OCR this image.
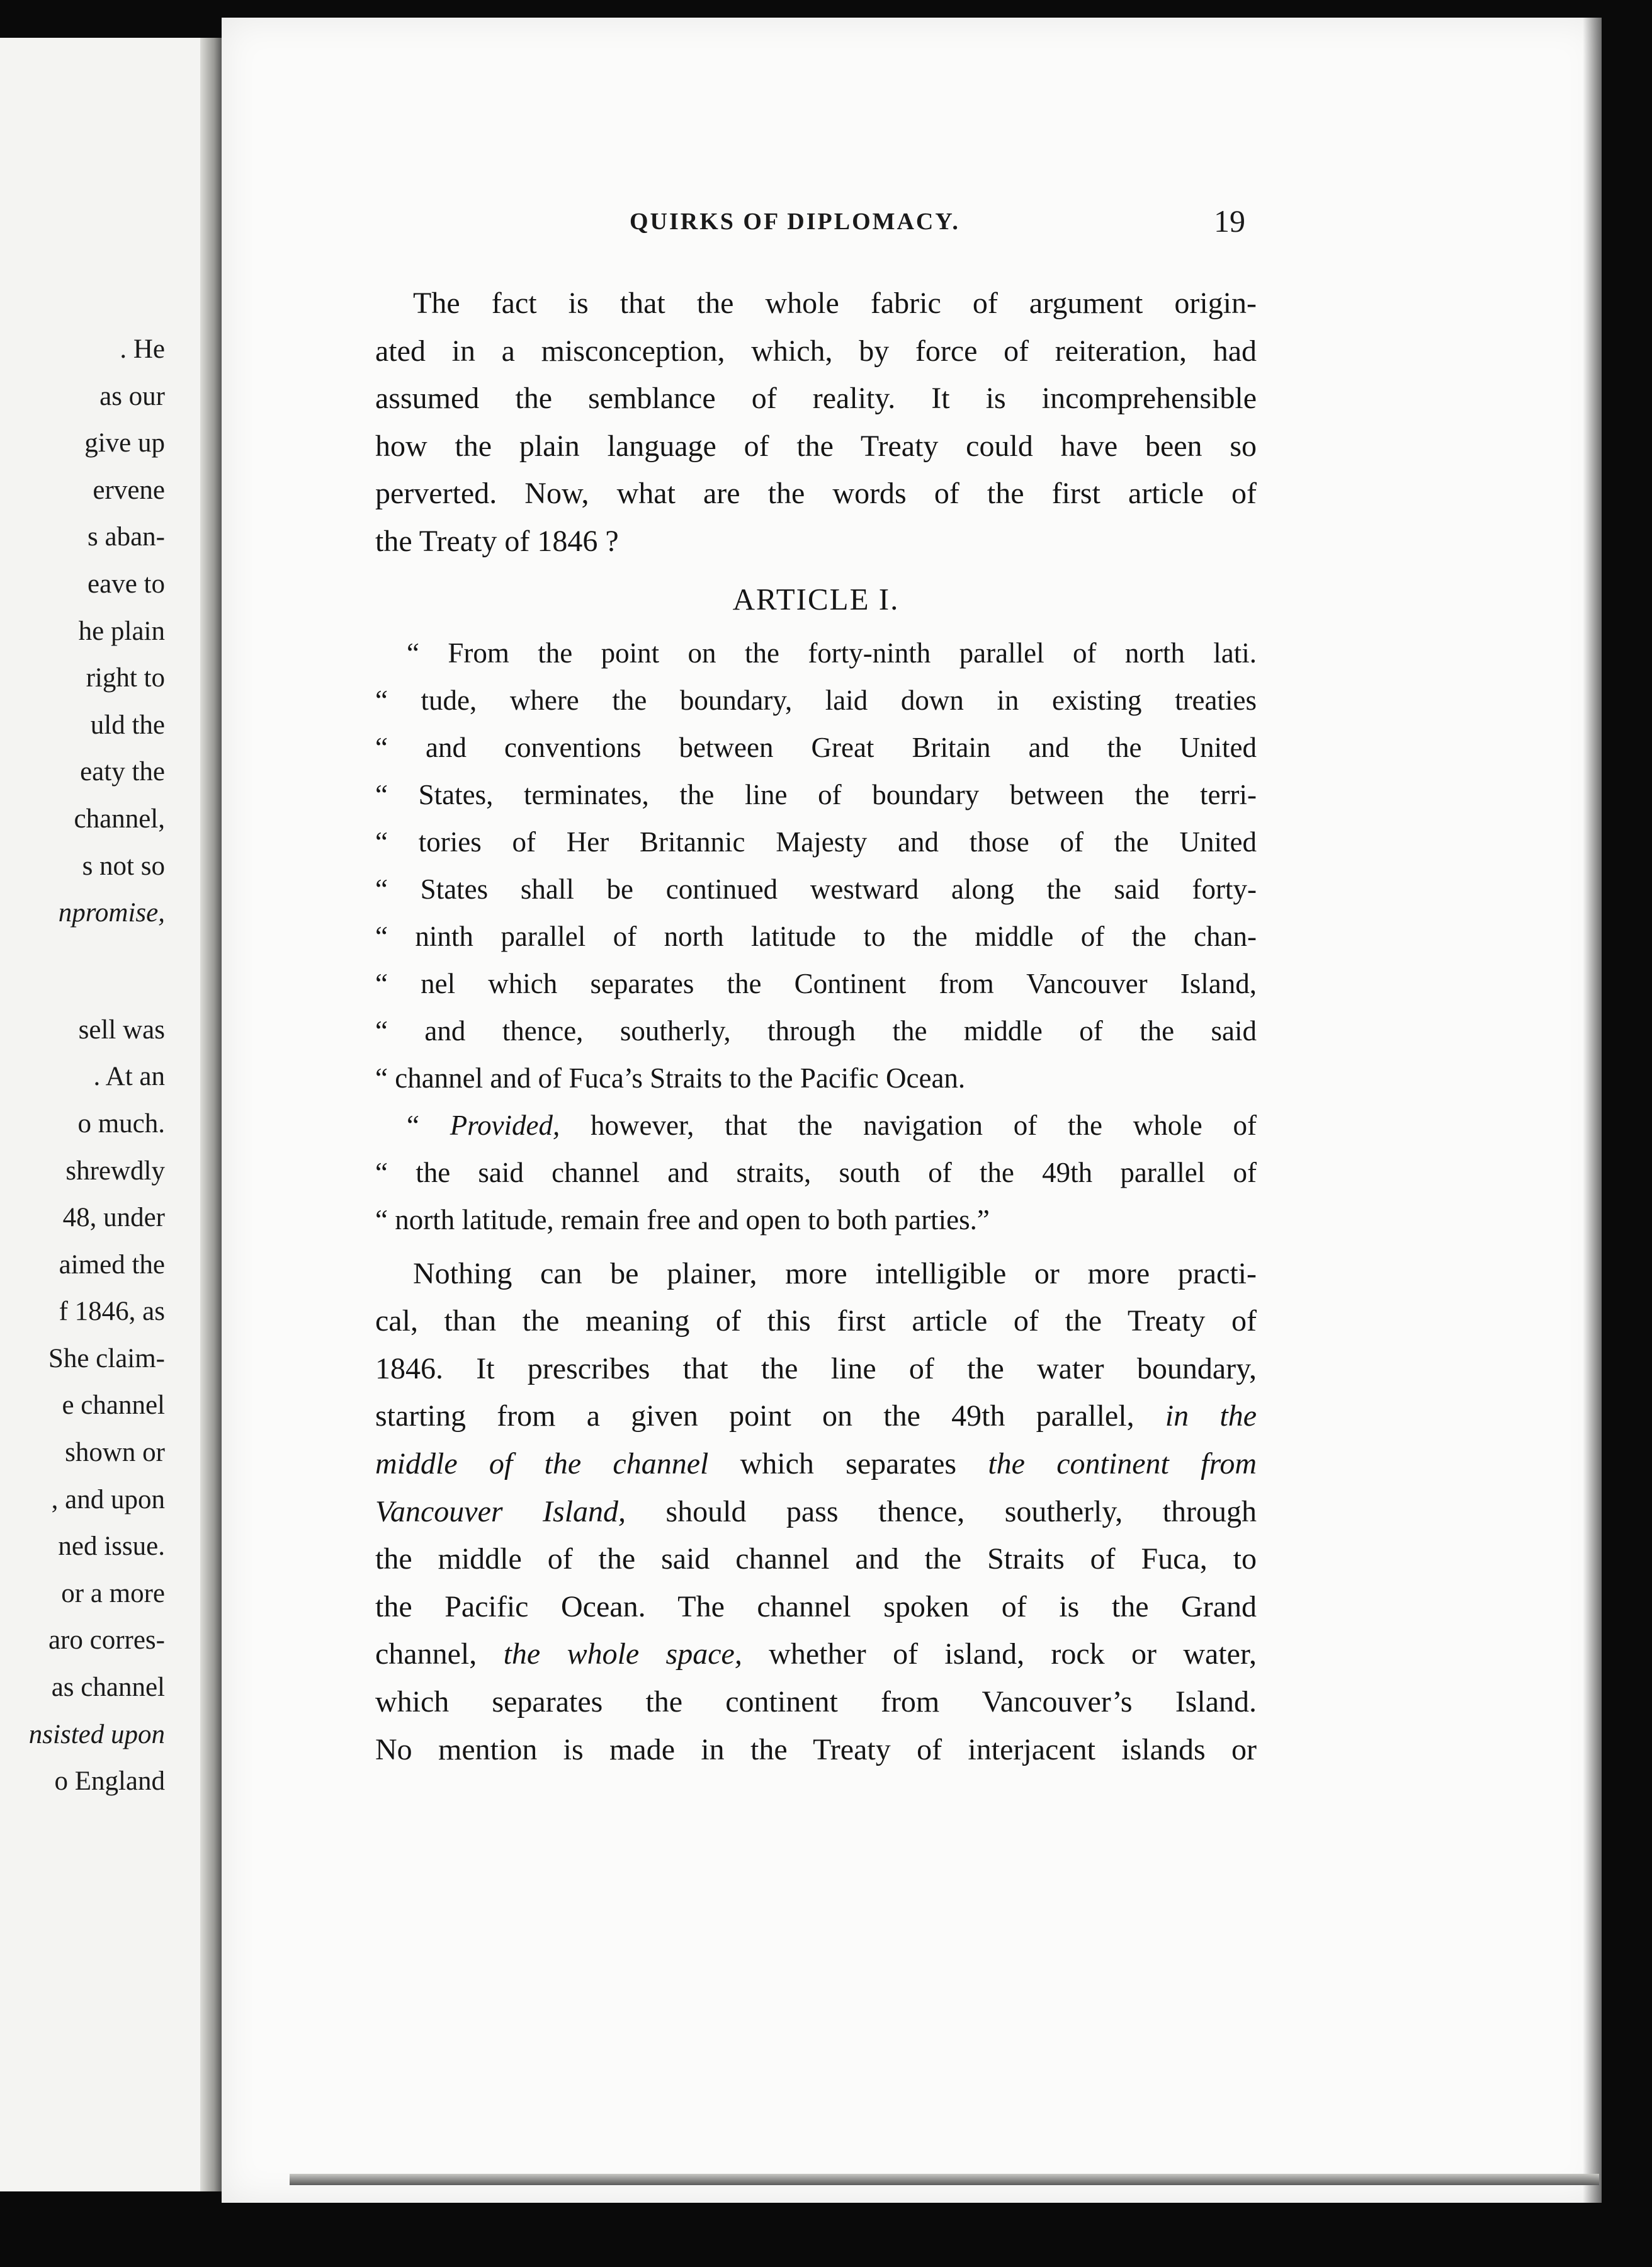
. He
as our
give up
ervene
s aban-
eave to
he plain
right to
uld the
eaty the
channel,
s not so
npromise,
sell was
. At an
o much.
shrewdly
48, under
aimed the
f 1846, as
She claim-
e channel
shown or
, and upon
ned issue.
or a more
aro corres-
as channel
nsisted upon
o England
QUIRKS OF DIPLOMACY.	19
The fact is that the whole fabric of argument origin-
ated in a misconception, which, by force of reiteration, had
assumed the semblance of reality. It is incomprehensible
how the plain language of the Treaty could have been so
perverted. Now, what are the words of the first article of
the Treaty of 1846 ?
ARTICLE I.
“ From the point on the forty-ninth parallel of north lati.
“ tude, where the boundary, laid down in existing treaties
“ and conventions between Great Britain and the United
“ States, terminates, the line of boundary between the terri-
“ tories of Her Britannic Majesty and those of the United
“ States shall be continued westward along the said forty-
“ ninth parallel of north latitude to the middle of the chan-
“ nel which separates the Continent from Vancouver Island,
“ and thence, southerly, through the middle of the said
“ channel and of Fuca’s Straits to the Pacific Ocean.
“ Provided, however, that the navigation of the whole of
“ the said channel and straits, south of the 49th parallel of
“ north latitude, remain free and open to both parties.”
Nothing can be plainer, more intelligible or more practi-
cal, than the meaning of this first article of the Treaty of
1846. It prescribes that the line of the water boundary,
starting from a given point on the 49th parallel, in the
middle of the channel which separates the continent from
Vancouver Island, should pass thence, southerly, through
the middle of the said channel and the Straits of Fuca, to
the Pacific Ocean. The channel spoken of is the Grand
channel, the whole space, whether of island, rock or water,
which separates the continent from Vancouver’s Island.
No mention is made in the Treaty of interjacent islands or
